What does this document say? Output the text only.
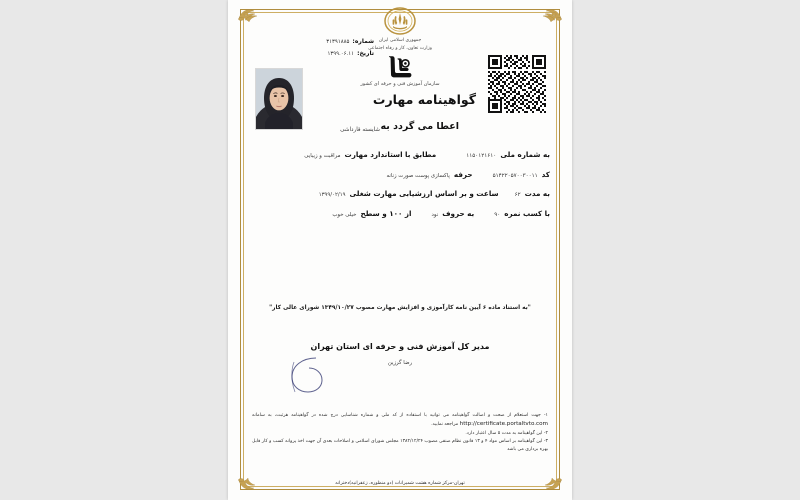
جمهوری اسلامی ایران
وزارت تعاون، کار و رفاه اجتماعی
سازمان آموزش فنی و حرفه ای کشور
شماره:
۳۱۳۹۱۸۸۵
تاریخ:
۱۳۹۹.۰۶.۱۱
گواهینامه مهارت
اعطا می گردد به
شایسته قارداشی
به شماره ملی
۱۱۵۰۱۲۱۶۱۰
مطابق با استاندارد مهارت
مراقبت و زیبایی
کد
۵۱۴۲۲۰۵۷۰۰۳۰۰۱۱
حرفه
پاکسازی پوست صورت زنانه
به مدت
۶۲
ساعت و بر اساس ارزشیابی مهارت شغلی
۱۳۹۹/۰۲/۱۹
با کسب نمره
۹۰
به حروف
نود
از ۱۰۰ و سطح
خیلی خوب
"به استناد ماده ۶ آیین نامه کارآموزی و افزایش مهارت مصوب ۱۳۴۹/۱۰/۲۷ شورای عالی کار"
مدیر کل آموزش فنی و حرفه ای استان تهران
رضا گرزین
۱- جهت استعلام از صحت و اصالت گواهینامه می توانید با استفاده از کد ملی و شماره شناسایی درج شده در گواهینامه هرثبت، به سامانه http://certificate.portaltvto.com مراجعه نمایید.
۲- این گواهینامه به مدت ۵ سال اعتبار دارد.
۳- این گواهینامه بر اساس مواد ۴ و ۱۳ قانون نظام صنفی مصوب ۱۳۸۲/۱۲/۲۴ مجلس شورای اسلامی و اصلاحات بعدی آن جهت اخذ پروانه کسب و کار قابل بهره برداری می باشد
تهران-مرکز شماره هشت شمیرانات (دو منظوره، زعفرانیه)دخترانه
